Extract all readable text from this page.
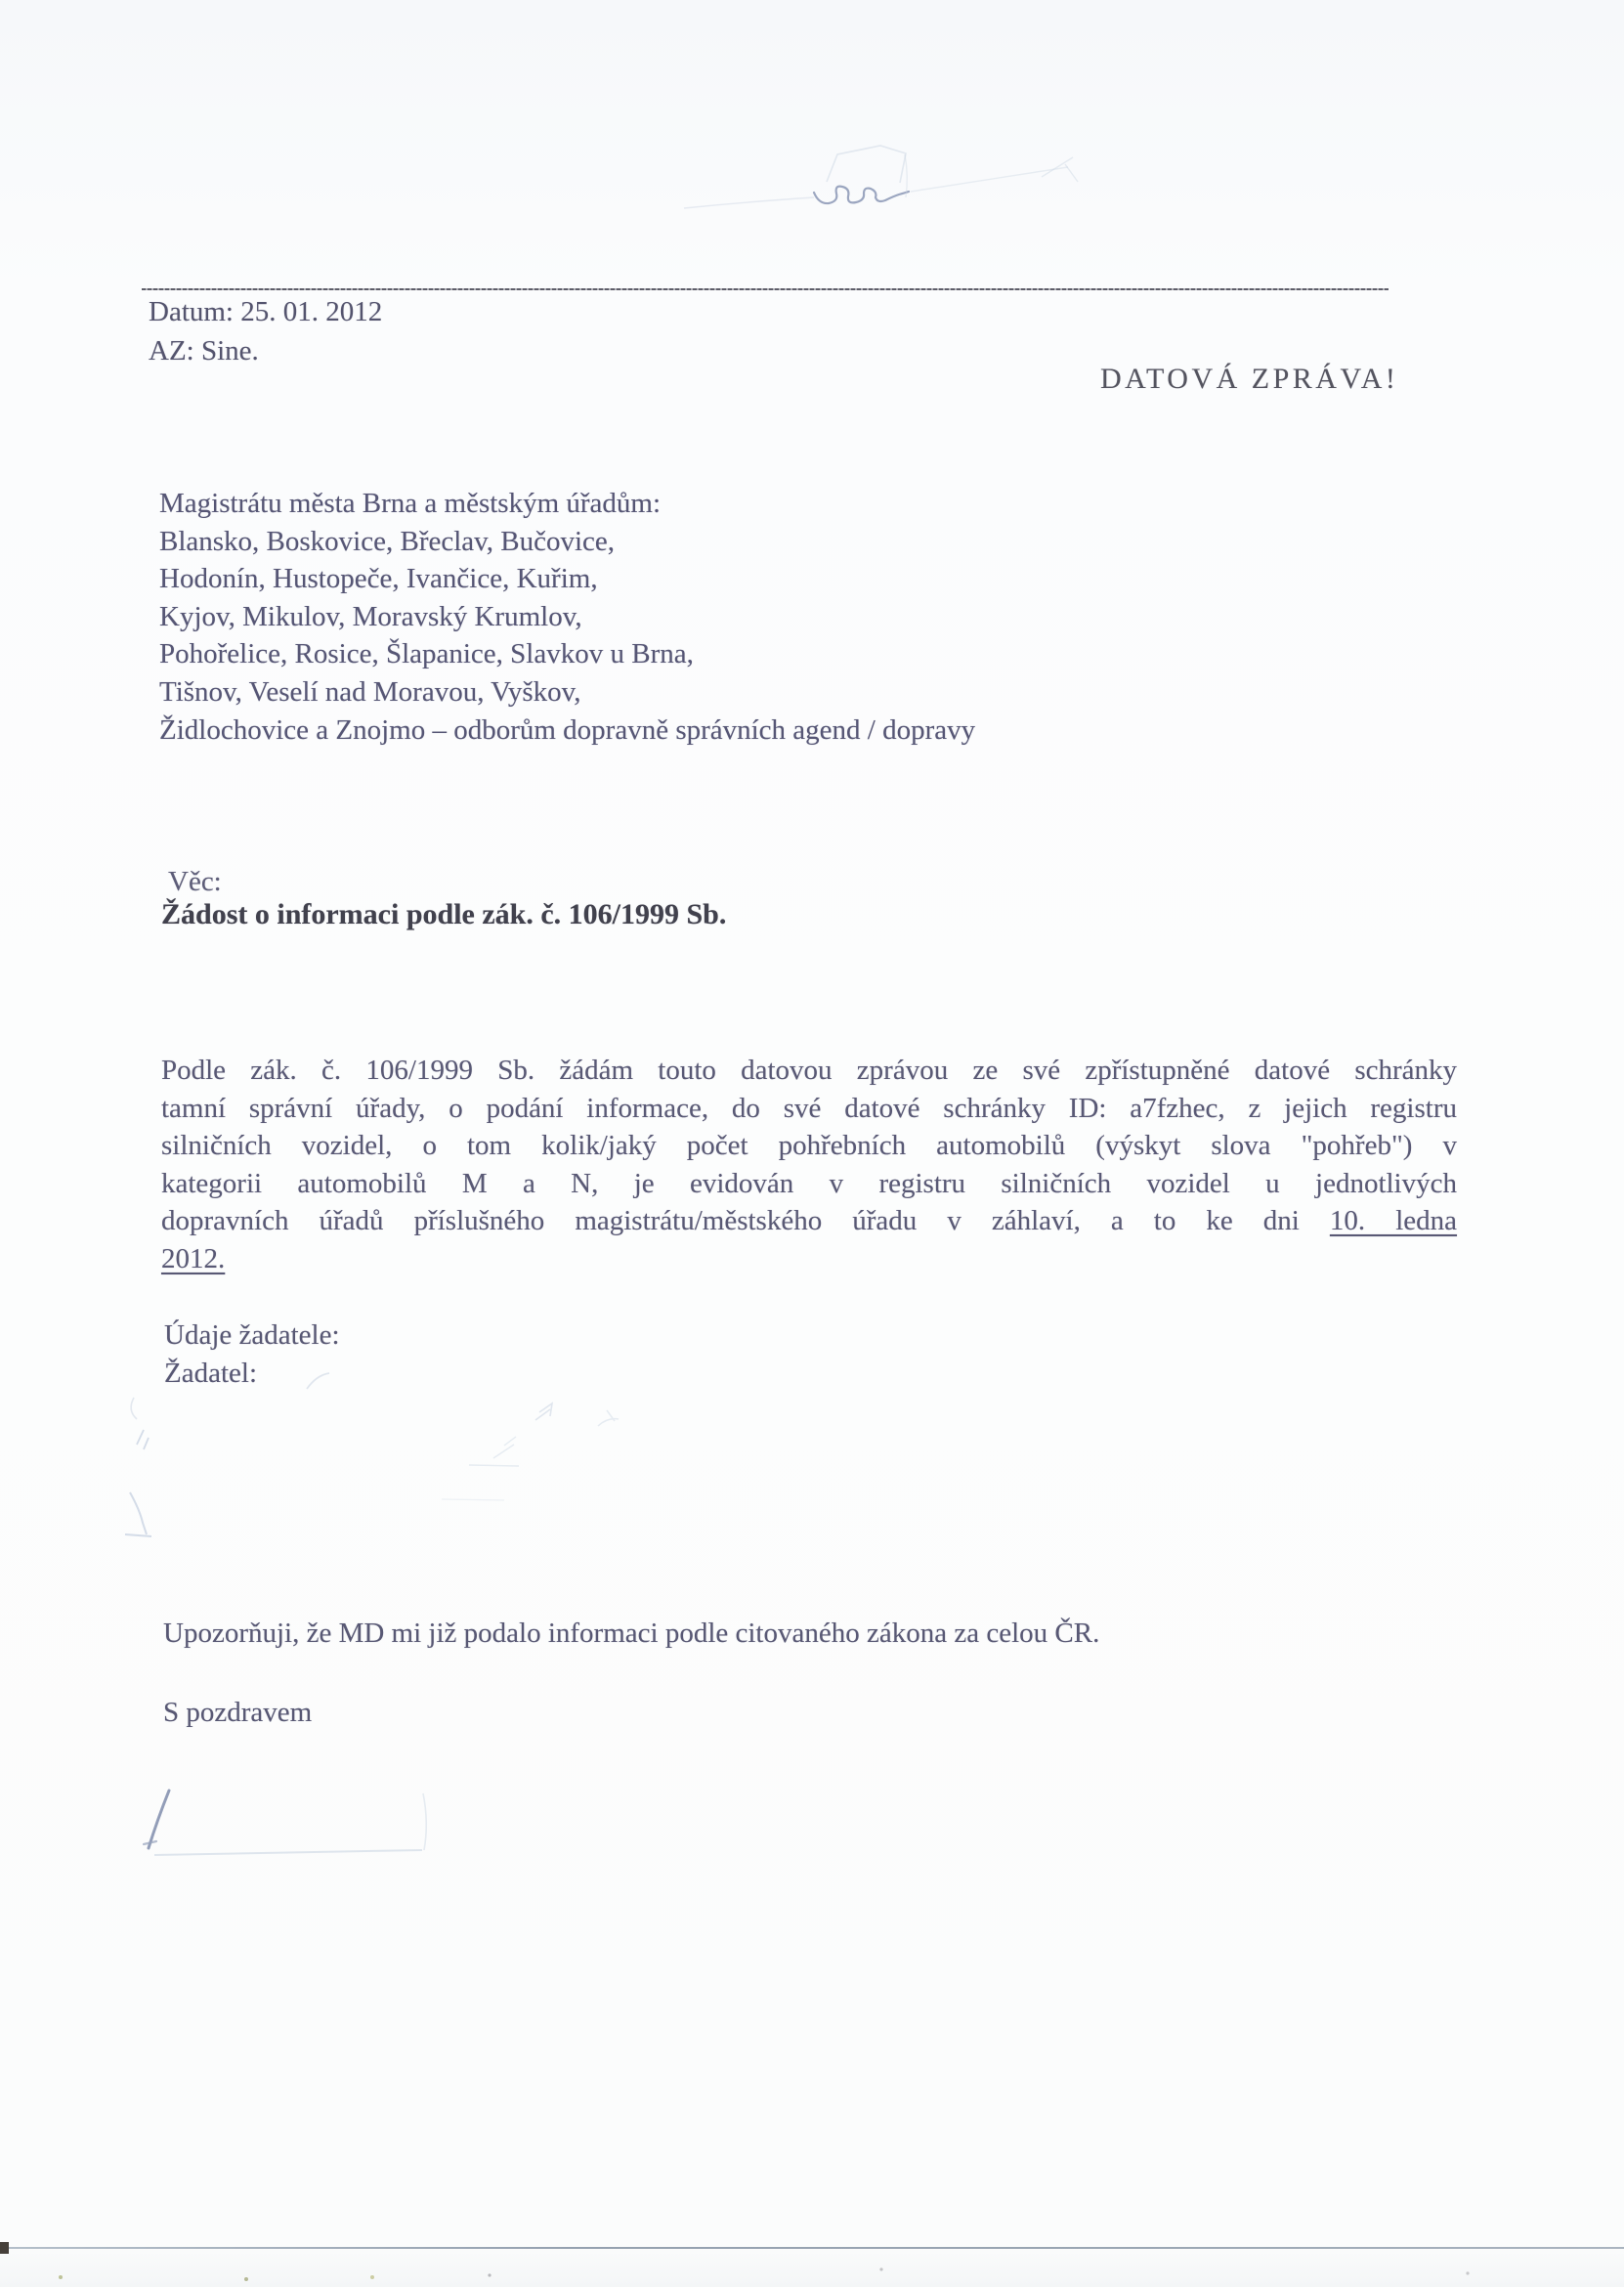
Datum: 25. 01. 2012
AZ: Sine.
DATOVÁ ZPRÁVA!
Magistrátu města Brna a městským úřadům:
Blansko, Boskovice, Břeclav, Bučovice,
Hodonín, Hustopeče, Ivančice, Kuřim,
Kyjov, Mikulov, Moravský Krumlov,
Pohořelice, Rosice, Šlapanice, Slavkov u Brna,
Tišnov, Veselí nad Moravou, Vyškov,
Židlochovice a Znojmo – odborům dopravně správních agend / dopravy
Věc:
Žádost o informaci podle zák. č. 106/1999 Sb.
Podle zák. č. 106/1999 Sb. žádám touto datovou zprávou ze své zpřístupněné datové schránky
tamní správní úřady, o podání informace, do své datové schránky ID: a7fzhec, z jejich registru
silničních vozidel, o tom kolik/jaký počet pohřebních automobilů (výskyt slova "pohřeb") v
kategorii automobilů M a N, je evidován v registru silničních vozidel u jednotlivých
dopravních úřadů příslušného magistrátu/městského úřadu v záhlaví, a to ke dni 10. ledna
2012.
Údaje žadatele:
Žadatel:
Upozorňuji, že MD mi již podalo informaci podle citovaného zákona za celou ČR.
S pozdravem
